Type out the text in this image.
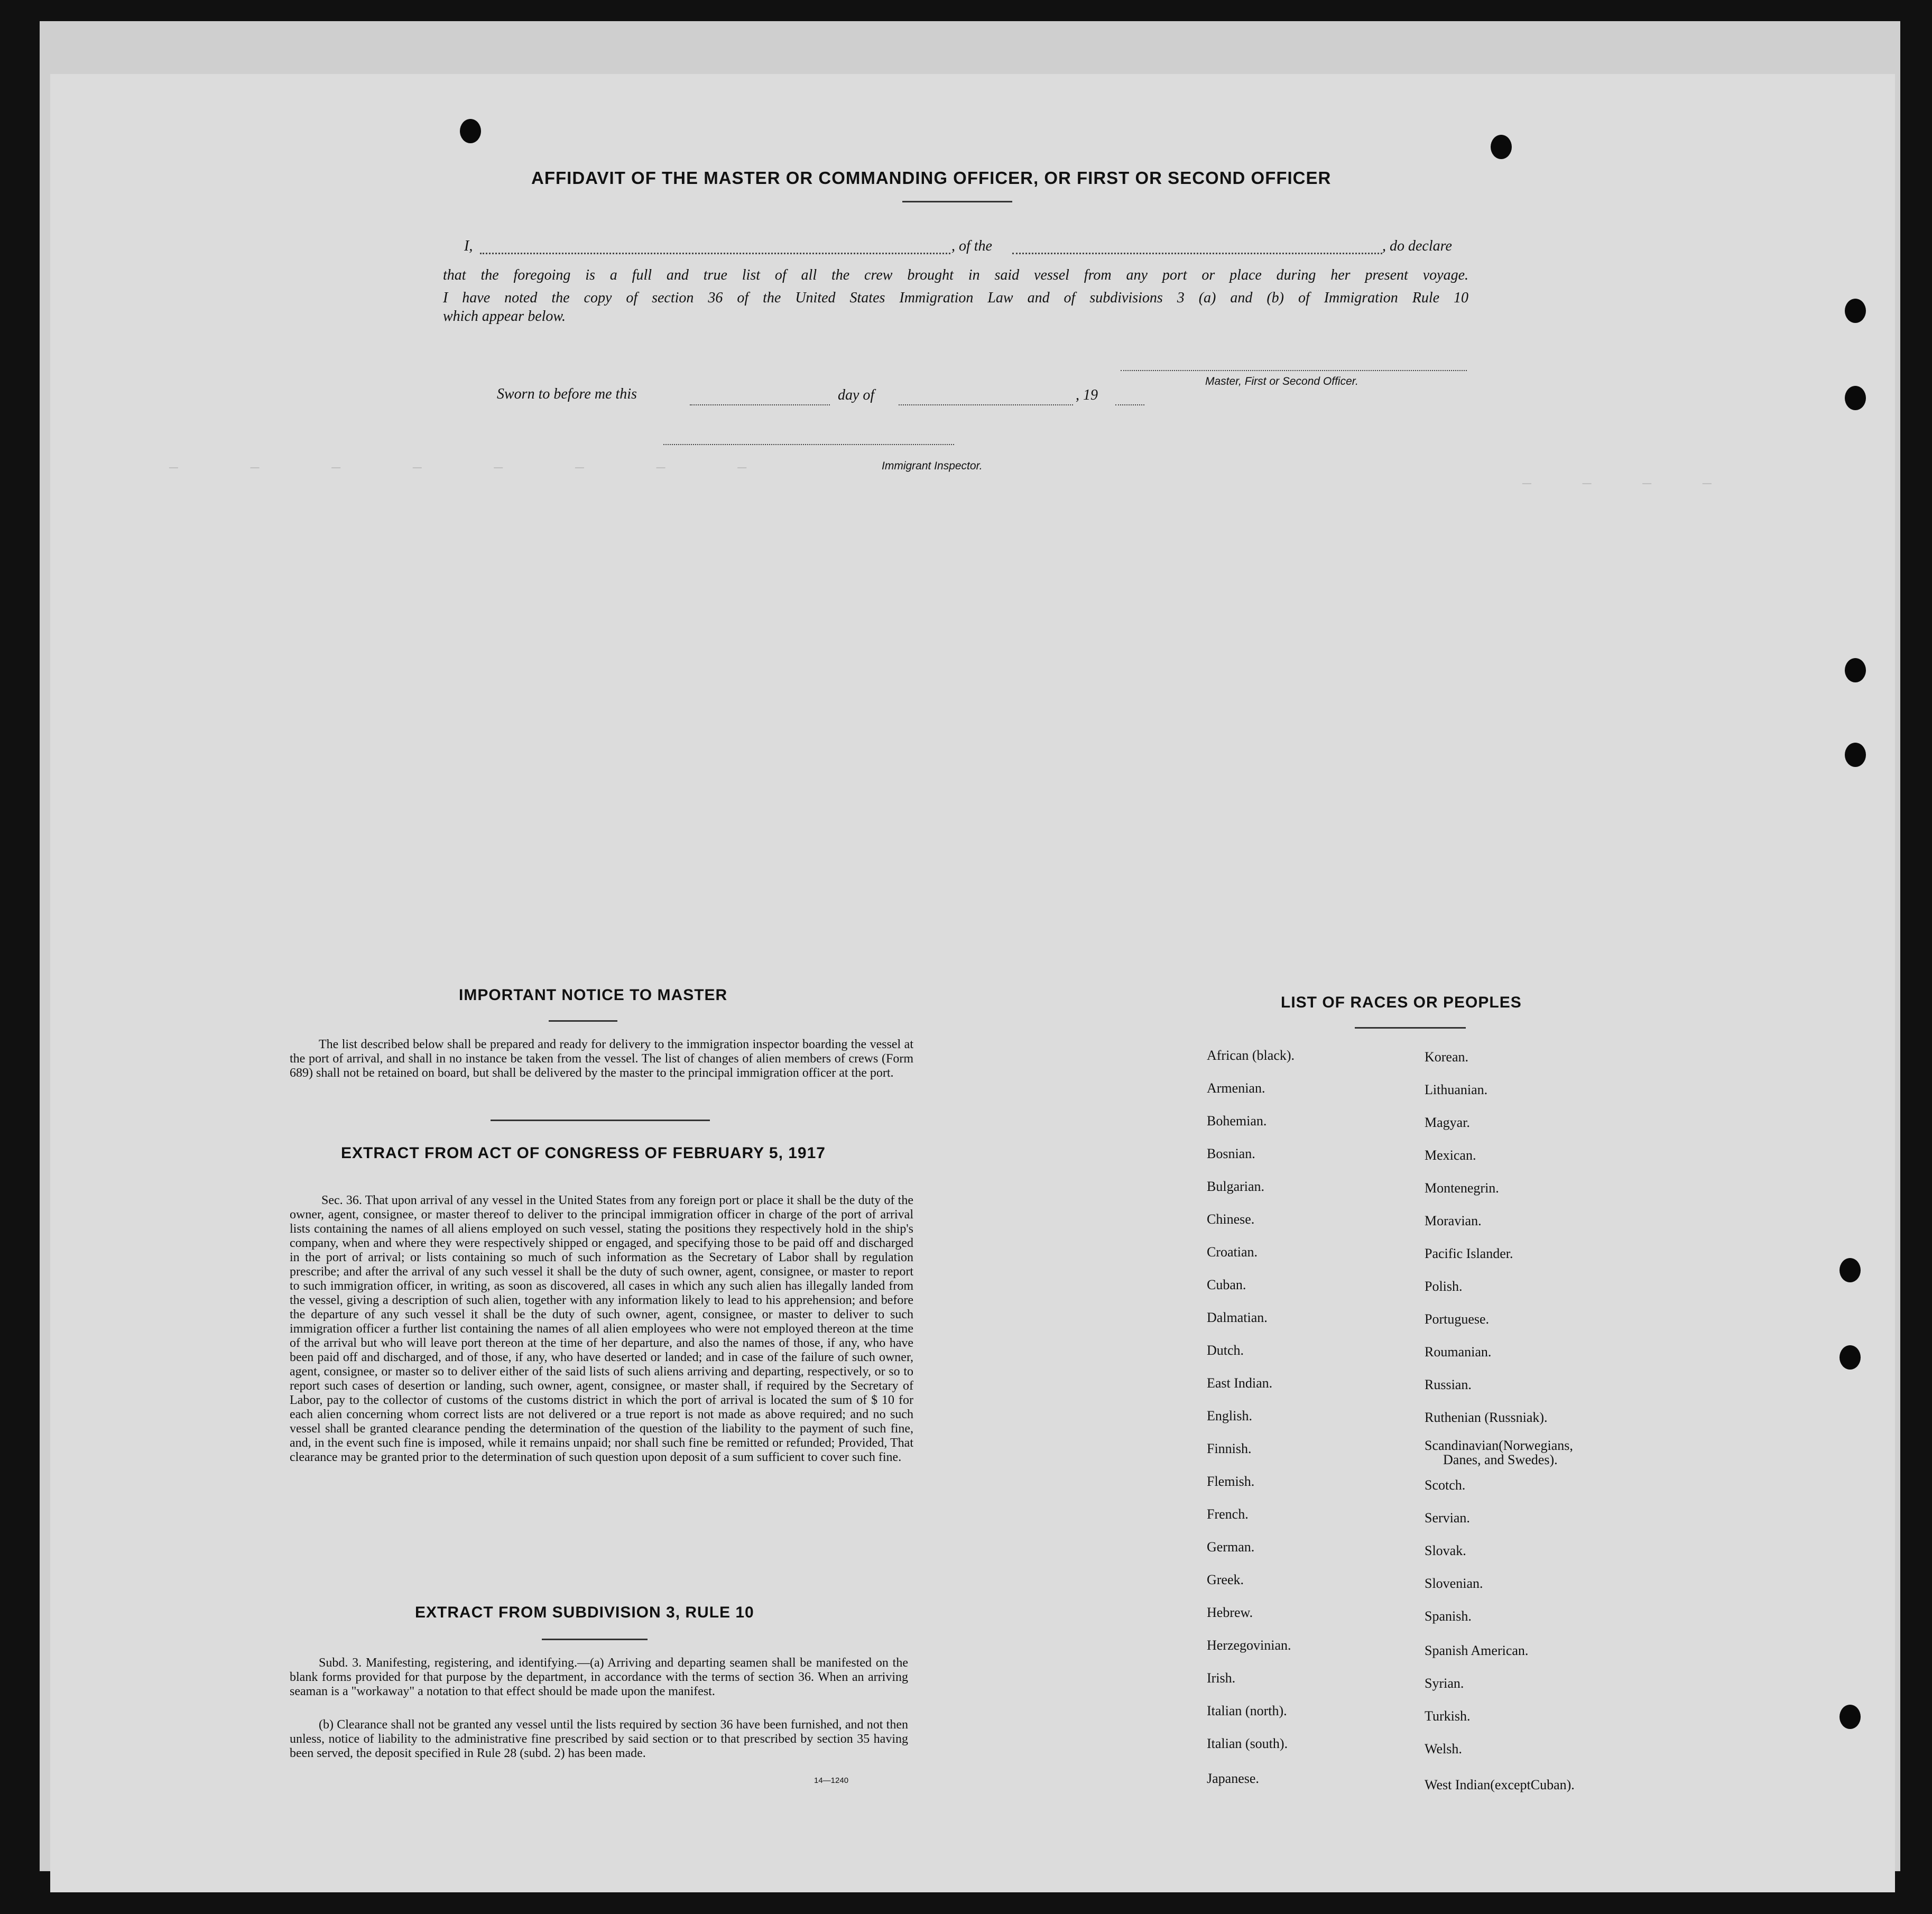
— — — — — — — —
— — — —
AFFIDAVIT OF THE MASTER OR COMMANDING OFFICER, OR FIRST OR SECOND OFFICER
I,	, of the	, do declare
that the foregoing is a full and true list of all the crew brought in said vessel from any port or place during her present voyage.
I have noted the copy of section 36 of the United States Immigration Law and of subdivisions 3 (a) and (b) of Immigration Rule 10
which appear below.
Master, First or Second Officer.
Sworn to before me this	day of	, 19
Immigrant Inspector.
IMPORTANT NOTICE TO MASTER
The list described below shall be prepared and ready for delivery to the immigration inspector boarding the vessel at the port of arrival, and shall in no instance be taken from the vessel. The list of changes of alien members of crews (Form 689) shall not be retained on board, but shall be delivered by the master to the principal immigration officer at the port.
EXTRACT FROM ACT OF CONGRESS OF FEBRUARY 5, 1917
Sec. 36. That upon arrival of any vessel in the United States from any foreign port or place it shall be the duty of the owner, agent, consignee, or master thereof to deliver to the principal immigration officer in charge of the port of arrival lists containing the names of all aliens employed on such vessel, stating the positions they respectively hold in the ship's company, when and where they were respectively shipped or engaged, and specifying those to be paid off and discharged in the port of arrival; or lists containing so much of such information as the Secretary of Labor shall by regulation prescribe; and after the arrival of any such vessel it shall be the duty of such owner, agent, consignee, or master to report to such immigration officer, in writing, as soon as discovered, all cases in which any such alien has illegally landed from the vessel, giving a description of such alien, together with any information likely to lead to his apprehension; and before the departure of any such vessel it shall be the duty of such owner, agent, consignee, or master to deliver to such immigration officer a further list containing the names of all alien employees who were not employed thereon at the time of the arrival but who will leave port thereon at the time of her departure, and also the names of those, if any, who have been paid off and discharged, and of those, if any, who have deserted or landed; and in case of the failure of such owner, agent, consignee, or master so to deliver either of the said lists of such aliens arriving and departing, respectively, or so to report such cases of desertion or landing, such owner, agent, consignee, or master shall, if required by the Secretary of Labor, pay to the collector of customs of the customs district in which the port of arrival is located the sum of $ 10 for each alien concerning whom correct lists are not delivered or a true report is not made as above required; and no such vessel shall be granted clearance pending the determination of the question of the liability to the payment of such fine, and, in the event such fine is imposed, while it remains unpaid; nor shall such fine be remitted or refunded; Provided, That clearance may be granted prior to the determination of such question upon deposit of a sum sufficient to cover such fine.
EXTRACT FROM SUBDIVISION 3, RULE 10
Subd. 3. Manifesting, registering, and identifying.—(a) Arriving and departing seamen shall be manifested on the blank forms provided for that purpose by the department, in accordance with the terms of section 36. When an arriving seaman is a "workaway" a notation to that effect should be made upon the manifest.
(b) Clearance shall not be granted any vessel until the lists required by section 36 have been furnished, and not then unless, notice of liability to the administrative fine prescribed by said section or to that prescribed by section 35 having been served, the deposit specified in Rule 28 (subd. 2) has been made.
14—1240
LIST OF RACES OR PEOPLES
African (black).
Armenian.
Bohemian.
Bosnian.
Bulgarian.
Chinese.
Croatian.
Cuban.
Dalmatian.
Dutch.
East Indian.
English.
Finnish.
Flemish.
French.
German.
Greek.
Hebrew.
Herzegovinian.
Irish.
Italian (north).
Italian (south).
Japanese.
Korean.
Lithuanian.
Magyar.
Mexican.
Montenegrin.
Moravian.
Pacific Islander.
Polish.
Portuguese.
Roumanian.
Russian.
Ruthenian (Russniak).
Scandinavian(Norwegians,
Danes, and Swedes).
Scotch.
Servian.
Slovak.
Slovenian.
Spanish.
Spanish American.
Syrian.
Turkish.
Welsh.
West Indian(exceptCuban).
